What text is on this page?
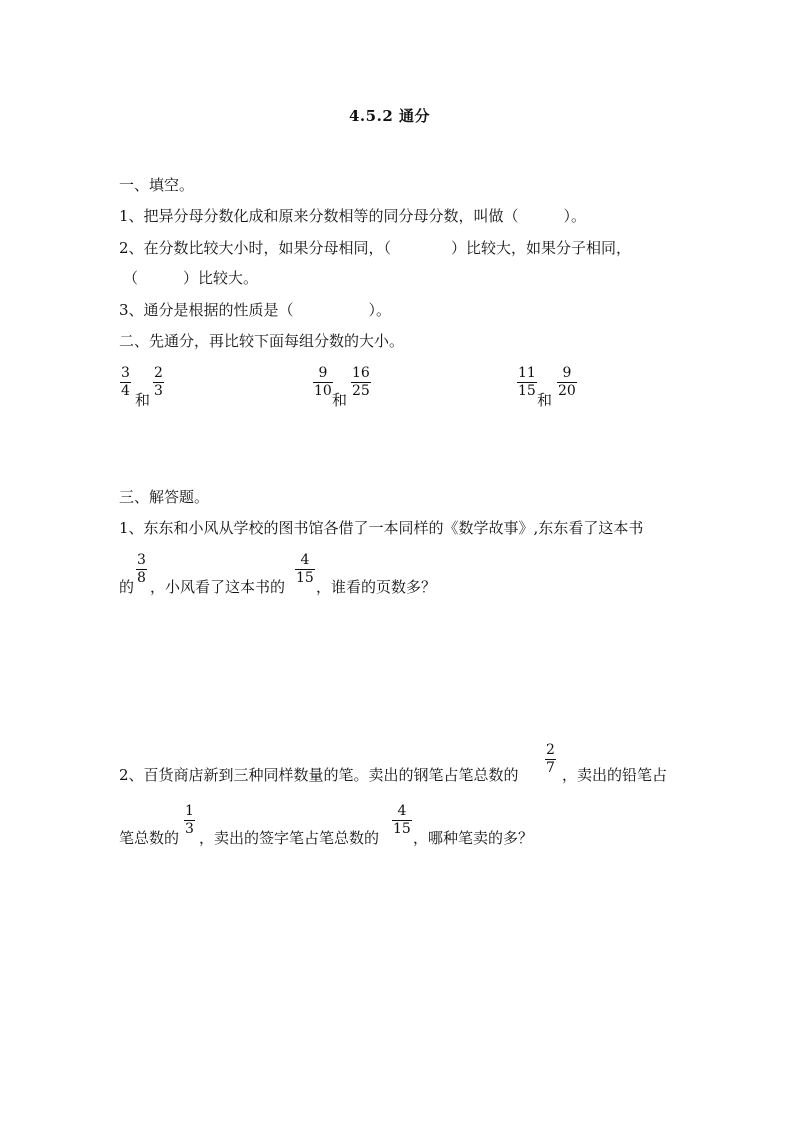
4.5.2 通分
一、填空。
1、把异分母分数化成和原来分数相等的同分母分数，叫做（　　　）。
2、在分数比较大小时，如果分母相同，（　　　　）比较大，如果分子相同，
（　　　）比较大。
3、通分是根据的性质是（　　　　　）。
二、先通分，再比较下面每组分数的大小。
$\frac{3}{4}$ 和 $\frac{2}{3}$	$\frac{9}{10}$ 和 $\frac{16}{25}$	$\frac{11}{15}$ 和 $\frac{9}{20}$
三、解答题。
1、东东和小风从学校的图书馆各借了一本同样的《数学故事》,东东看了这本书
的 $\frac{3}{8}$ ，小风看了这本书的 $\frac{4}{15}$ ，谁看的页数多？
2、百货商店新到三种同样数量的笔。卖出的钢笔占笔总数的 $\frac{2}{7}$ ，卖出的铅笔占
笔总数的 $\frac{1}{3}$ ，卖出的签字笔占笔总数的 $\frac{4}{15}$ ，哪种笔卖的多？
